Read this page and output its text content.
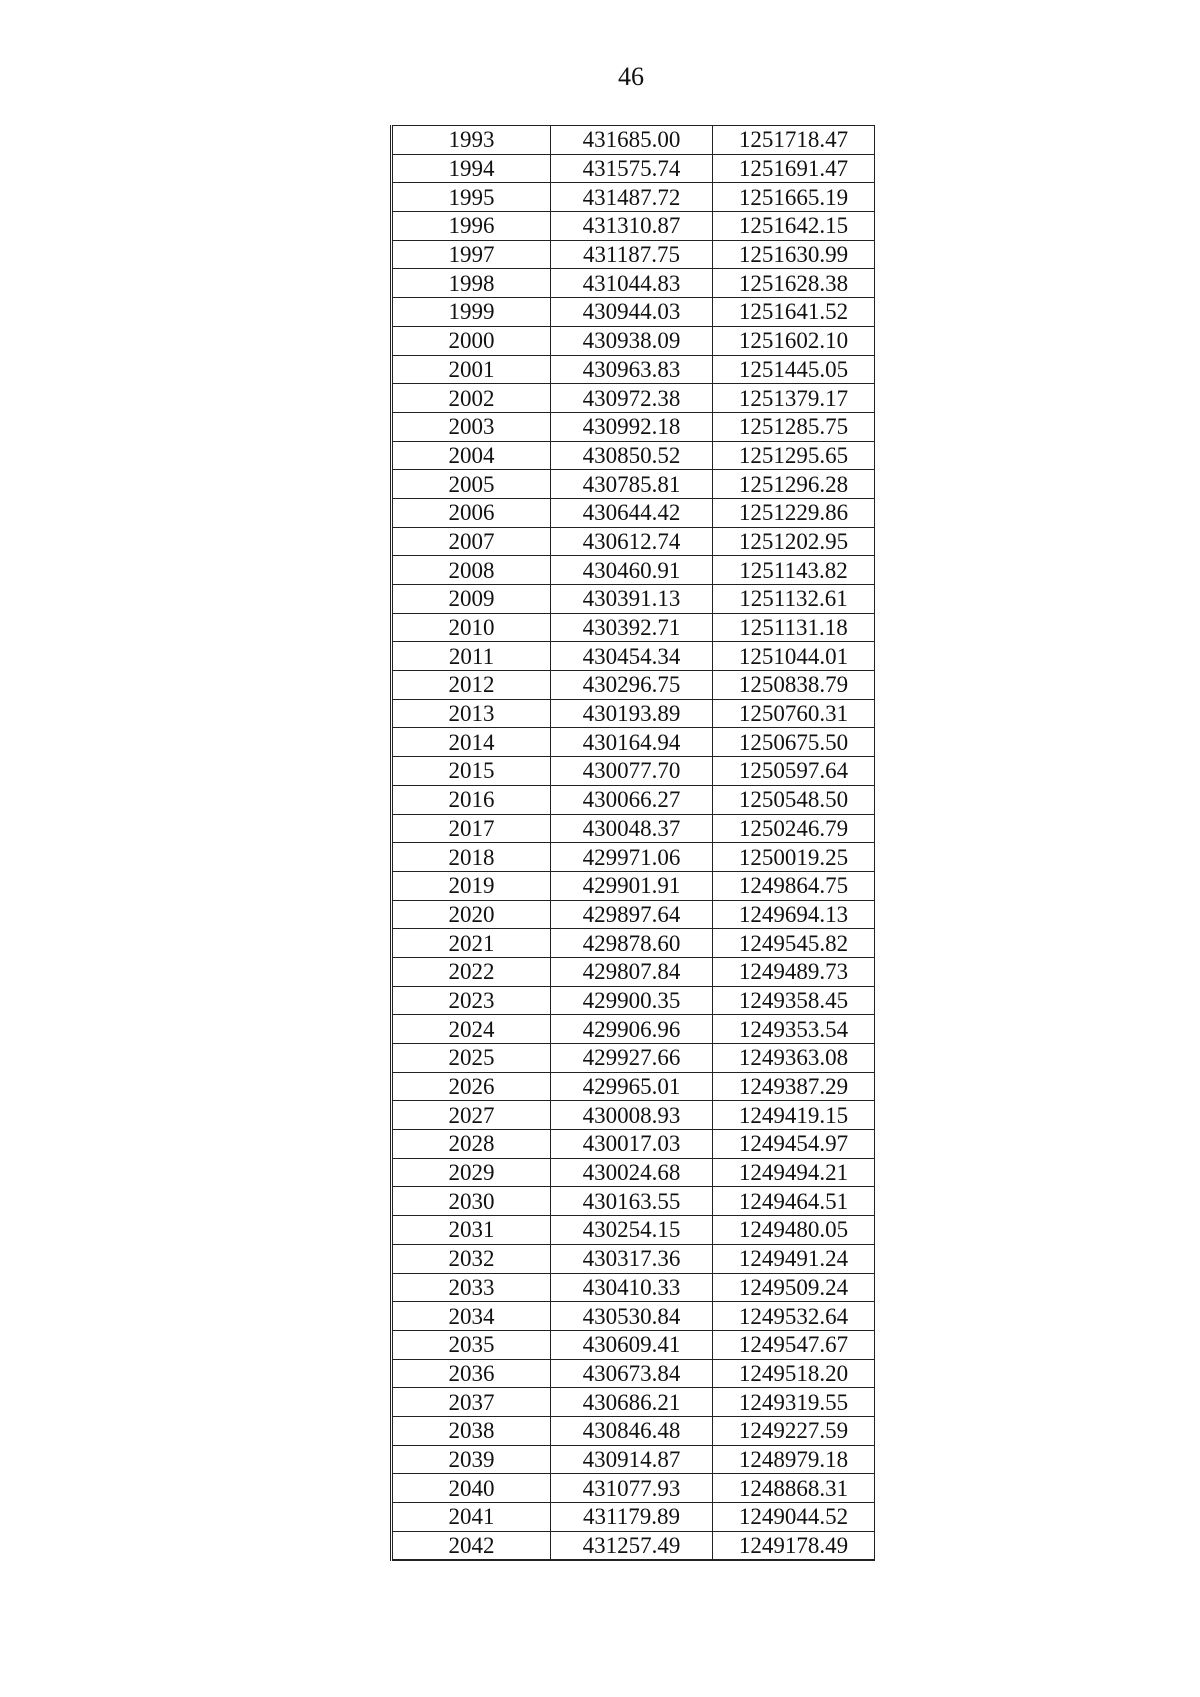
46
1993	431685.00	1251718.47
1994	431575.74	1251691.47
1995	431487.72	1251665.19
1996	431310.87	1251642.15
1997	431187.75	1251630.99
1998	431044.83	1251628.38
1999	430944.03	1251641.52
2000	430938.09	1251602.10
2001	430963.83	1251445.05
2002	430972.38	1251379.17
2003	430992.18	1251285.75
2004	430850.52	1251295.65
2005	430785.81	1251296.28
2006	430644.42	1251229.86
2007	430612.74	1251202.95
2008	430460.91	1251143.82
2009	430391.13	1251132.61
2010	430392.71	1251131.18
2011	430454.34	1251044.01
2012	430296.75	1250838.79
2013	430193.89	1250760.31
2014	430164.94	1250675.50
2015	430077.70	1250597.64
2016	430066.27	1250548.50
2017	430048.37	1250246.79
2018	429971.06	1250019.25
2019	429901.91	1249864.75
2020	429897.64	1249694.13
2021	429878.60	1249545.82
2022	429807.84	1249489.73
2023	429900.35	1249358.45
2024	429906.96	1249353.54
2025	429927.66	1249363.08
2026	429965.01	1249387.29
2027	430008.93	1249419.15
2028	430017.03	1249454.97
2029	430024.68	1249494.21
2030	430163.55	1249464.51
2031	430254.15	1249480.05
2032	430317.36	1249491.24
2033	430410.33	1249509.24
2034	430530.84	1249532.64
2035	430609.41	1249547.67
2036	430673.84	1249518.20
2037	430686.21	1249319.55
2038	430846.48	1249227.59
2039	430914.87	1248979.18
2040	431077.93	1248868.31
2041	431179.89	1249044.52
2042	431257.49	1249178.49
